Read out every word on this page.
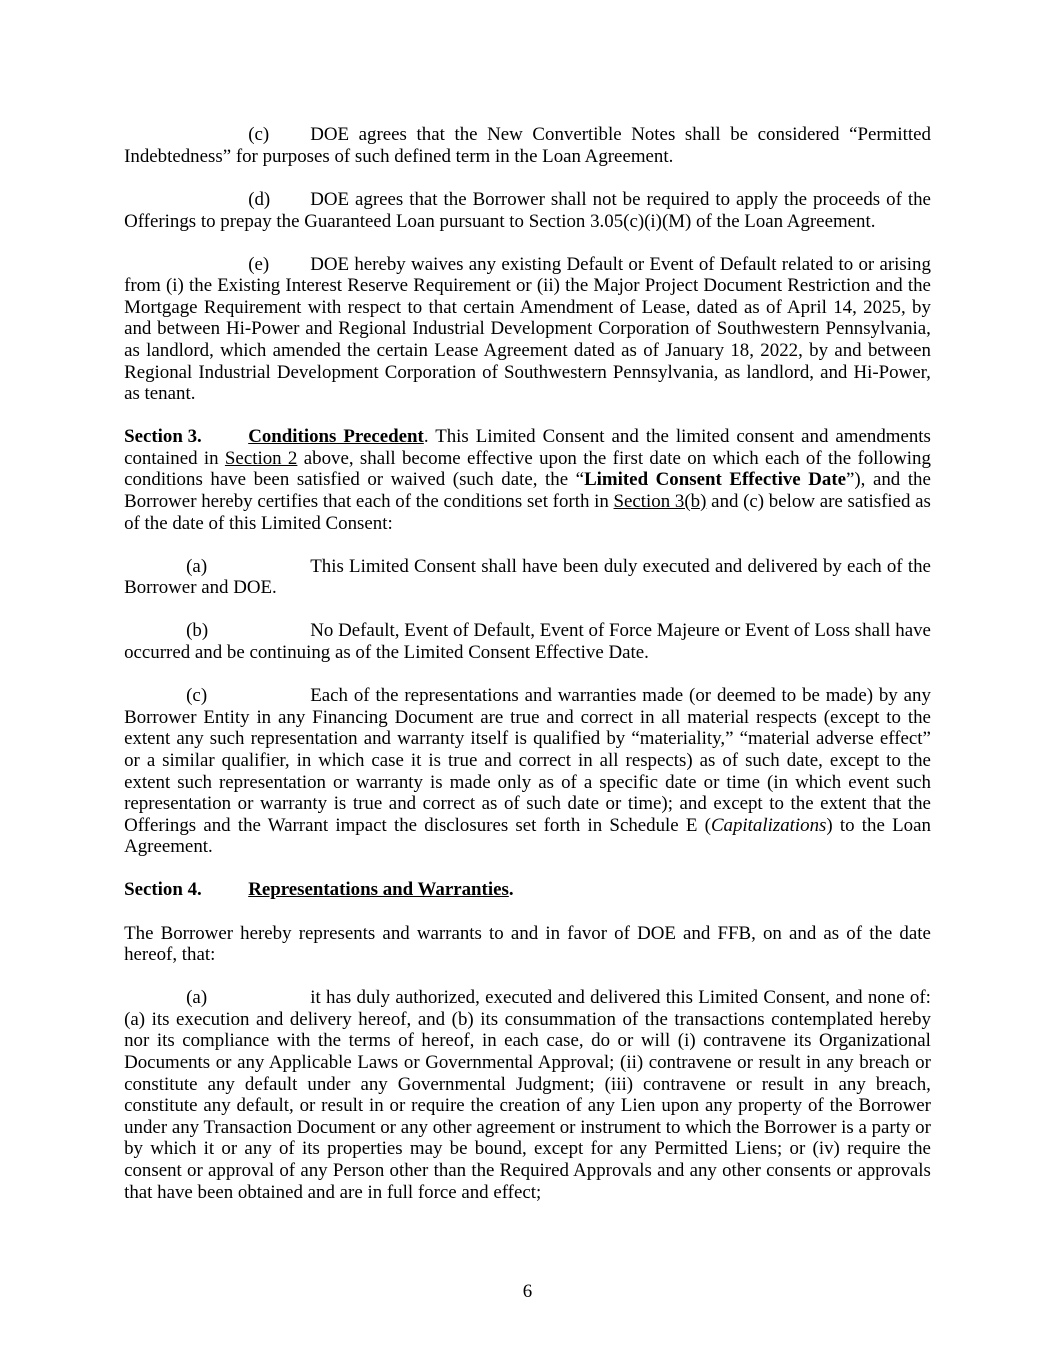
(c) DOE agrees that the New Convertible Notes shall be considered “Permitted Indebtedness” for purposes of such defined term in the Loan Agreement.

(d) DOE agrees that the Borrower shall not be required to apply the proceeds of the Offerings to prepay the Guaranteed Loan pursuant to Section 3.05(c)(i)(M) of the Loan Agreement.

(e) DOE hereby waives any existing Default or Event of Default related to or arising from (i) the Existing Interest Reserve Requirement or (ii) the Major Project Document Restriction and the Mortgage Requirement with respect to that certain Amendment of Lease, dated as of April 14, 2025, by and between Hi-Power and Regional Industrial Development Corporation of Southwestern Pennsylvania, as landlord, which amended the certain Lease Agreement dated as of January 18, 2022, by and between Regional Industrial Development Corporation of Southwestern Pennsylvania, as landlord, and Hi-Power, as tenant.

Section 3. Conditions Precedent. This Limited Consent and the limited consent and amendments contained in Section 2 above, shall become effective upon the first date on which each of the following conditions have been satisfied or waived (such date, the “Limited Consent Effective Date”), and the Borrower hereby certifies that each of the conditions set forth in Section 3(b) and (c) below are satisfied as of the date of this Limited Consent:

(a)	This Limited Consent shall have been duly executed and delivered by each of the Borrower and DOE.

(b)	No Default, Event of Default, Event of Force Majeure or Event of Loss shall have occurred and be continuing as of the Limited Consent Effective Date.

(c)	Each of the representations and warranties made (or deemed to be made) by any Borrower Entity in any Financing Document are true and correct in all material respects (except to the extent any such representation and warranty itself is qualified by “materiality,” “material adverse effect” or a similar qualifier, in which case it is true and correct in all respects) as of such date, except to the extent such representation or warranty is made only as of a specific date or time (in which event such representation or warranty is true and correct as of such date or time); and except to the extent that the Offerings and the Warrant impact the disclosures set forth in Schedule E (Capitalizations) to the Loan Agreement.

Section 4. Representations and Warranties.

The Borrower hereby represents and warrants to and in favor of DOE and FFB, on and as of the date hereof, that:

(a)	it has duly authorized, executed and delivered this Limited Consent, and none of: (a) its execution and delivery hereof, and (b) its consummation of the transactions contemplated hereby nor its compliance with the terms of hereof, in each case, do or will (i) contravene its Organizational Documents or any Applicable Laws or Governmental Approval; (ii) contravene or result in any breach or constitute any default under any Governmental Judgment; (iii) contravene or result in any breach, constitute any default, or result in or require the creation of any Lien upon any property of the Borrower under any Transaction Document or any other agreement or instrument to which the Borrower is a party or by which it or any of its properties may be bound, except for any Permitted Liens; or (iv) require the consent or approval of any Person other than the Required Approvals and any other consents or approvals that have been obtained and are in full force and effect;

6
